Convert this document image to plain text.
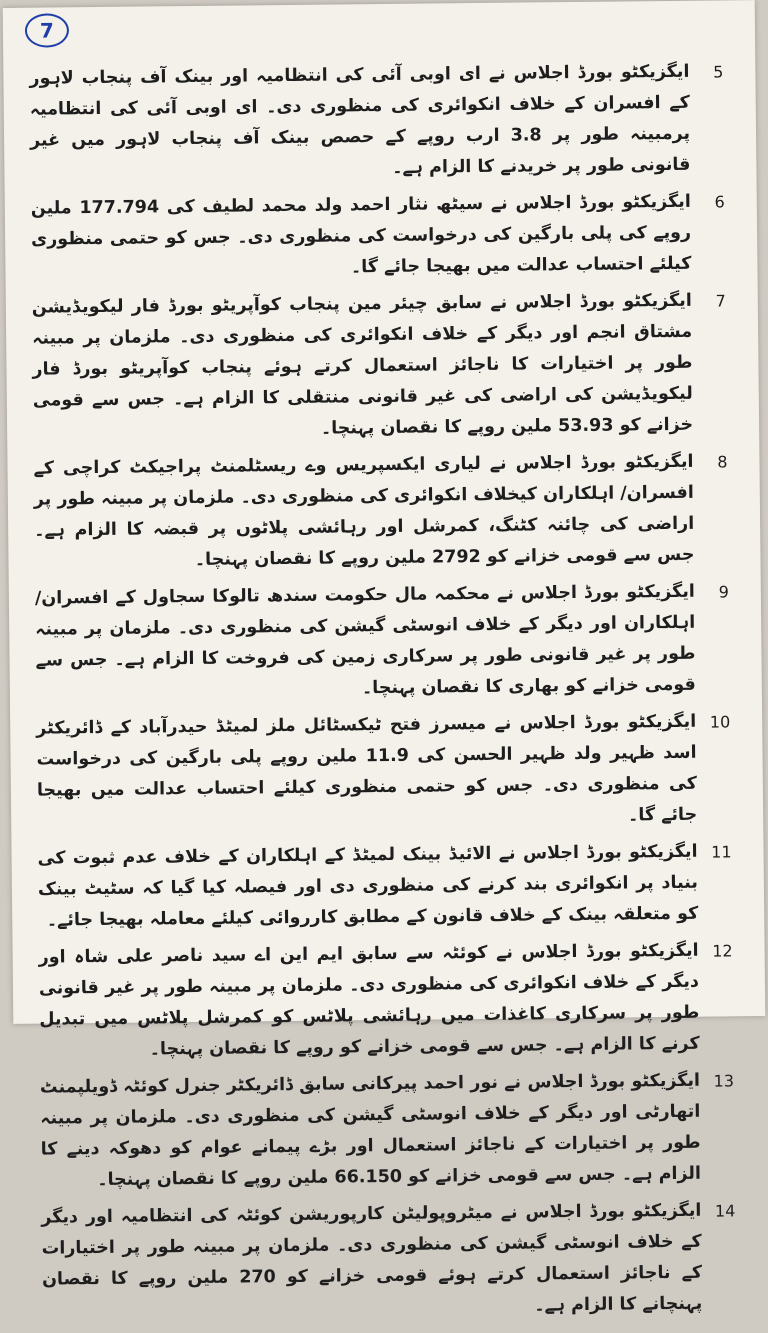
7
5
ایگزیکٹو بورڈ اجلاس نے ای اوبی آئی کی انتظامیہ اور بینک آف پنجاب لاہور کے افسران کے خلاف انکوائری کی منظوری دی۔ ای اوبی آئی کی انتظامیہ پرمبینہ طور پر 3.8 ارب روپے کے حصص بینک آف پنجاب لاہور میں غیر قانونی طور پر خریدنے کا الزام ہے۔
6
ایگزیکٹو بورڈ اجلاس نے سیٹھ نثار احمد ولد محمد لطیف کی 177.794 ملین روپے کی پلی بارگین کی درخواست کی منظوری دی۔ جس کو حتمی منظوری کیلئے احتساب عدالت میں بھیجا جائے گا۔
7
ایگزیکٹو بورڈ اجلاس نے سابق چیئر مین پنجاب کوآپریٹو بورڈ فار لیکویڈیشن مشتاق انجم اور دیگر کے خلاف انکوائری کی منظوری دی۔ ملزمان پر مبینہ طور پر اختیارات کا ناجائز استعمال کرتے ہوئے پنجاب کوآپریٹو بورڈ فار لیکویڈیشن کی اراضی کی غیر قانونی منتقلی کا الزام ہے۔ جس سے قومی خزانے کو 53.93 ملین روپے کا نقصان پہنچا۔
8
ایگزیکٹو بورڈ اجلاس نے لیاری ایکسپریس وے ریسٹلمنٹ پراجیکٹ کراچی کے افسران/ اہلکاران کیخلاف انکوائری کی منظوری دی۔ ملزمان پر مبینہ طور پر اراضی کی چائنہ کٹنگ، کمرشل اور رہائشی پلاٹوں پر قبضہ کا الزام ہے۔ جس سے قومی خزانے کو 2792 ملین روپے کا نقصان پہنچا۔
9
ایگزیکٹو بورڈ اجلاس نے محکمہ مال حکومت سندھ تالوکا سجاول کے افسران/ اہلکاران اور دیگر کے خلاف انوسٹی گیشن کی منظوری دی۔ ملزمان پر مبینہ طور پر غیر قانونی طور پر سرکاری زمین کی فروخت کا الزام ہے۔ جس سے قومی خزانے کو بھاری کا نقصان پہنچا۔
10
ایگزیکٹو بورڈ اجلاس نے میسرز فتح ٹیکسٹائل ملز لمیٹڈ حیدرآباد کے ڈائریکٹر اسد ظہیر ولد ظہیر الحسن کی 11.9 ملین روپے پلی بارگین کی درخواست کی منظوری دی۔ جس کو حتمی منظوری کیلئے احتساب عدالت میں بھیجا جائے گا۔
11
ایگزیکٹو بورڈ اجلاس نے الائیڈ بینک لمیٹڈ کے اہلکاران کے خلاف عدم ثبوت کی بنیاد پر انکوائری بند کرنے کی منظوری دی اور فیصلہ کیا گیا کہ سٹیٹ بینک کو متعلقہ بینک کے خلاف قانون کے مطابق کارروائی کیلئے معاملہ بھیجا جائے۔
12
ایگزیکٹو بورڈ اجلاس نے کوئٹہ سے سابق ایم این اے سید ناصر علی شاہ اور دیگر کے خلاف انکوائری کی منظوری دی۔ ملزمان پر مبینہ طور پر غیر قانونی طور پر سرکاری کاغذات میں رہائشی پلاٹس کو کمرشل پلاٹس میں تبدیل کرنے کا الزام ہے۔ جس سے قومی خزانے کو روپے کا نقصان پہنچا۔
13
ایگزیکٹو بورڈ اجلاس نے نور احمد پیرکانی سابق ڈائریکٹر جنرل کوئٹہ ڈویلپمنٹ اتھارٹی اور دیگر کے خلاف انوسٹی گیشن کی منظوری دی۔ ملزمان پر مبینہ طور پر اختیارات کے ناجائز استعمال اور بڑے پیمانے عوام کو دھوکہ دینے کا الزام ہے۔ جس سے قومی خزانے کو 66.150 ملین روپے کا نقصان پہنچا۔
14
ایگزیکٹو بورڈ اجلاس نے میٹروپولیٹن کارپوریشن کوئٹہ کی انتظامیہ اور دیگر کے خلاف انوسٹی گیشن کی منظوری دی۔ ملزمان پر مبینہ طور پر اختیارات کے ناجائز استعمال کرتے ہوئے قومی خزانے کو 270 ملین روپے کا نقصان پہنچانے کا الزام ہے۔
